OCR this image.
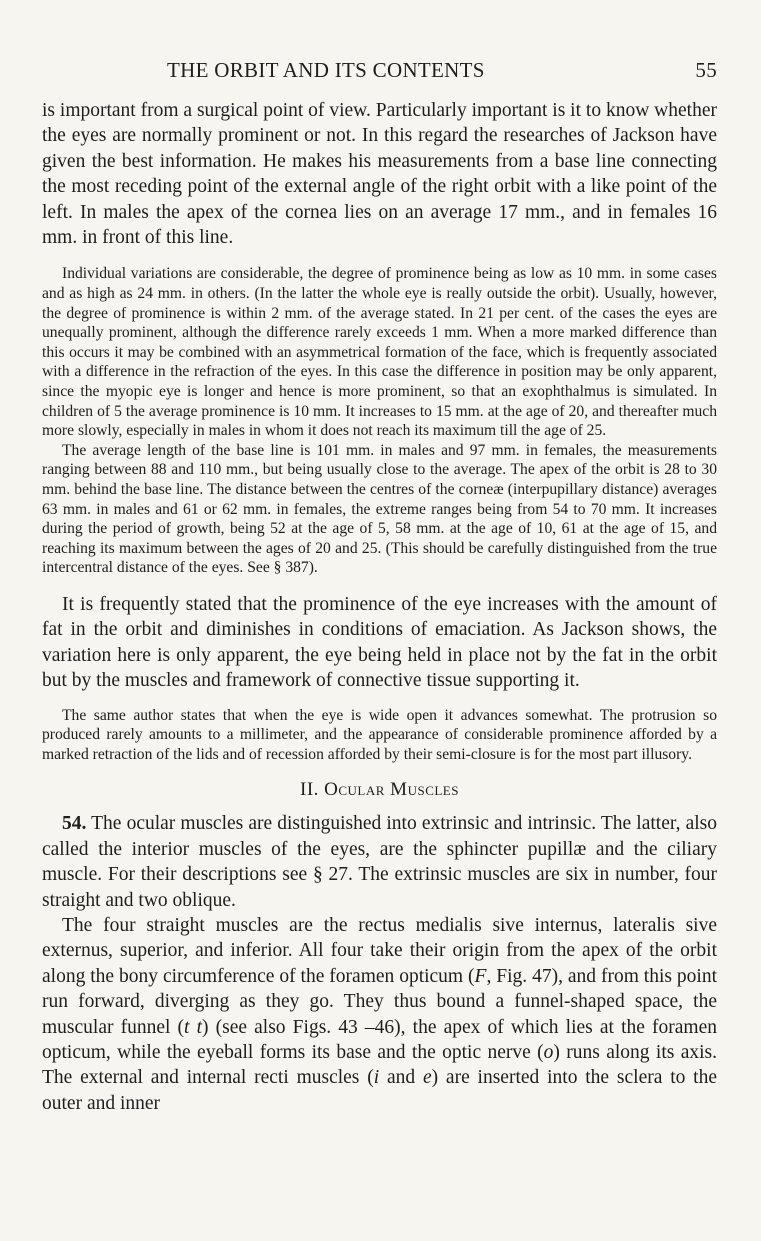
THE ORBIT AND ITS CONTENTS	55

is important from a surgical point of view. Particularly important is it to know whether the eyes are normally prominent or not. In this regard the researches of Jackson have given the best information. He makes his measurements from a base line connecting the most receding point of the external angle of the right orbit with a like point of the left. In males the apex of the cornea lies on an average 17 mm., and in females 16 mm. in front of this line.

Individual variations are considerable, the degree of prominence being as low as 10 mm. in some cases and as high as 24 mm. in others. (In the latter the whole eye is really outside the orbit). Usually, however, the degree of prominence is within 2 mm. of the average stated. In 21 per cent. of the cases the eyes are unequally prominent, although the difference rarely exceeds 1 mm. When a more marked difference than this occurs it may be combined with an asymmetrical formation of the face, which is frequently associated with a difference in the refraction of the eyes. In this case the difference in position may be only apparent, since the myopic eye is longer and hence is more prominent, so that an exophthalmus is simulated. In children of 5 the average prominence is 10 mm. It increases to 15 mm. at the age of 20, and thereafter much more slowly, especially in males in whom it does not reach its maximum till the age of 25.

The average length of the base line is 101 mm. in males and 97 mm. in females, the measurements ranging between 88 and 110 mm., but being usually close to the average. The apex of the orbit is 28 to 30 mm. behind the base line. The distance between the centres of the corneæ (interpupillary distance) averages 63 mm. in males and 61 or 62 mm. in females, the extreme ranges being from 54 to 70 mm. It increases during the period of growth, being 52 at the age of 5, 58 mm. at the age of 10, 61 at the age of 15, and reaching its maximum between the ages of 20 and 25. (This should be carefully distinguished from the true intercentral distance of the eyes. See § 387).

It is frequently stated that the prominence of the eye increases with the amount of fat in the orbit and diminishes in conditions of emaciation. As Jackson shows, the variation here is only apparent, the eye being held in place not by the fat in the orbit but by the muscles and framework of connective tissue supporting it.

The same author states that when the eye is wide open it advances somewhat. The protrusion so produced rarely amounts to a millimeter, and the appearance of considerable prominence afforded by a marked retraction of the lids and of recession afforded by their semi-closure is for the most part illusory.

II. Ocular Muscles

54. The ocular muscles are distinguished into extrinsic and intrinsic. The latter, also called the interior muscles of the eyes, are the sphincter pupillæ and the ciliary muscle. For their descriptions see § 27. The extrinsic muscles are six in number, four straight and two oblique.

The four straight muscles are the rectus medialis sive internus, lateralis sive externus, superior, and inferior. All four take their origin from the apex of the orbit along the bony circumference of the foramen opticum (F, Fig. 47), and from this point run forward, diverging as they go. They thus bound a funnel-shaped space, the muscular funnel (t t) (see also Figs. 43 –46), the apex of which lies at the foramen opticum, while the eyeball forms its base and the optic nerve (o) runs along its axis. The external and internal recti muscles (i and e) are inserted into the sclera to the outer and inner
